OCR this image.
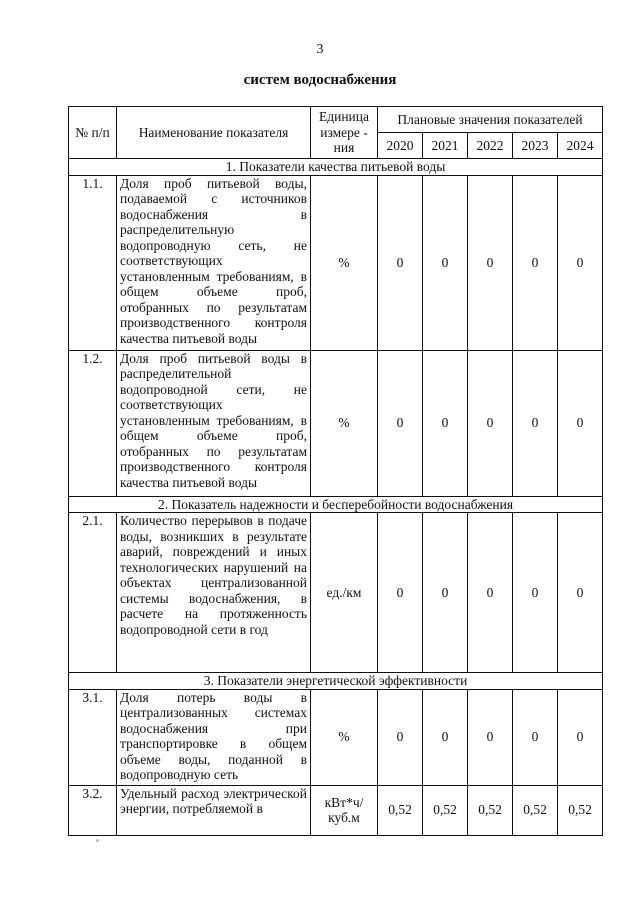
3
систем водоснабжения
№ п/п	Наименование показателя	Единица измере - ния	Плановые значения показателей				
			2020	2021	2022	2023	2024
1. Показатели качества питьевой воды							
1.1.	Доля проб питьевой воды, подаваемой с источников водоснабжения в распределительную водопроводную сеть, не соответствующих установленным требованиям, в общем объеме проб, отобранных по результатам производственного контроля качества питьевой воды	%	0	0	0	0	0
1.2.	Доля проб питьевой воды в распределительной водопроводной сети, не соответствующих установленным требованиям, в общем объеме проб, отобранных по результатам производственного контроля качества питьевой воды	%	0	0	0	0	0
2. Показатель надежности и бесперебойности водоснабжения							
2.1.	Количество перерывов в подаче воды, возникших в результате аварий, повреждений и иных технологических нарушений на объектах централизованной системы водоснабжения, в расчете на протяженность водопроводной сети в год	ед./км	0	0	0	0	0
3. Показатели энергетической эффективности							
3.1.	Доля потерь воды в централизованных системах водоснабжения при транспортировке в общем объеме воды, поданной в водопроводную сеть	%	0	0	0	0	0
3.2.	Удельный расход электрической энергии, потребляемой в	кВт*ч/ куб.м	0,52	0,52	0,52	0,52	0,52
